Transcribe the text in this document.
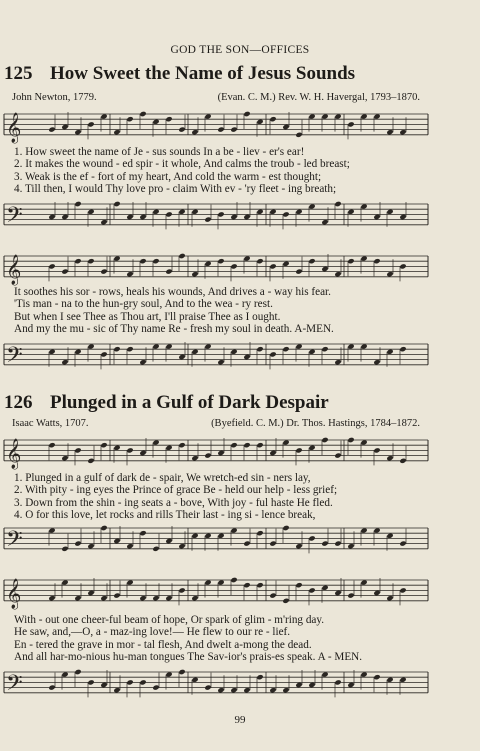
GOD THE SON—OFFICES
125 How Sweet the Name of Jesus Sounds
John Newton, 1779.	(Evan. C. M.) Rev. W. H. Havergal, 1793–1870.
𝄞
1. How sweet the name of Je - sus sounds In a be - liev - er's ear!
2. It makes the wound - ed spir - it whole, And calms the troub - led breast;
3. Weak is the ef - fort of my heart, And cold the warm - est thought;
4. Till then, I would Thy love pro - claim With ev - 'ry fleet - ing breath;
𝄢
𝄞
It soothes his sor - rows, heals his wounds, And drives a - way his fear.
'Tis man - na to the hun-gry soul, And to the wea - ry rest.
But when I see Thee as Thou art, I'll praise Thee as I ought.
And my the mu - sic of Thy name Re - fresh my soul in death. A-MEN.
𝄢
126 Plunged in a Gulf of Dark Despair
Isaac Watts, 1707.	(Byefield. C. M.) Dr. Thos. Hastings, 1784–1872.
𝄞
1. Plunged in a gulf of dark de - spair, We wretch-ed sin - ners lay,
2. With pity - ing eyes the Prince of grace Be - held our help - less grief;
3. Down from the shin - ing seats a - bove, With joy - ful haste He fled.
4. O for this love, let rocks and rills Their last - ing si - lence break,
𝄢
𝄞
With - out one cheer-ful beam of hope, Or spark of glim - m'ring day.
He saw, and,—O, a - maz-ing love!— He flew to our re - lief.
En - tered the grave in mor - tal flesh, And dwelt a-mong the dead.
And all har-mo-nious hu-man tongues The Sav-ior's prais-es speak. A - MEN.
𝄢
99
